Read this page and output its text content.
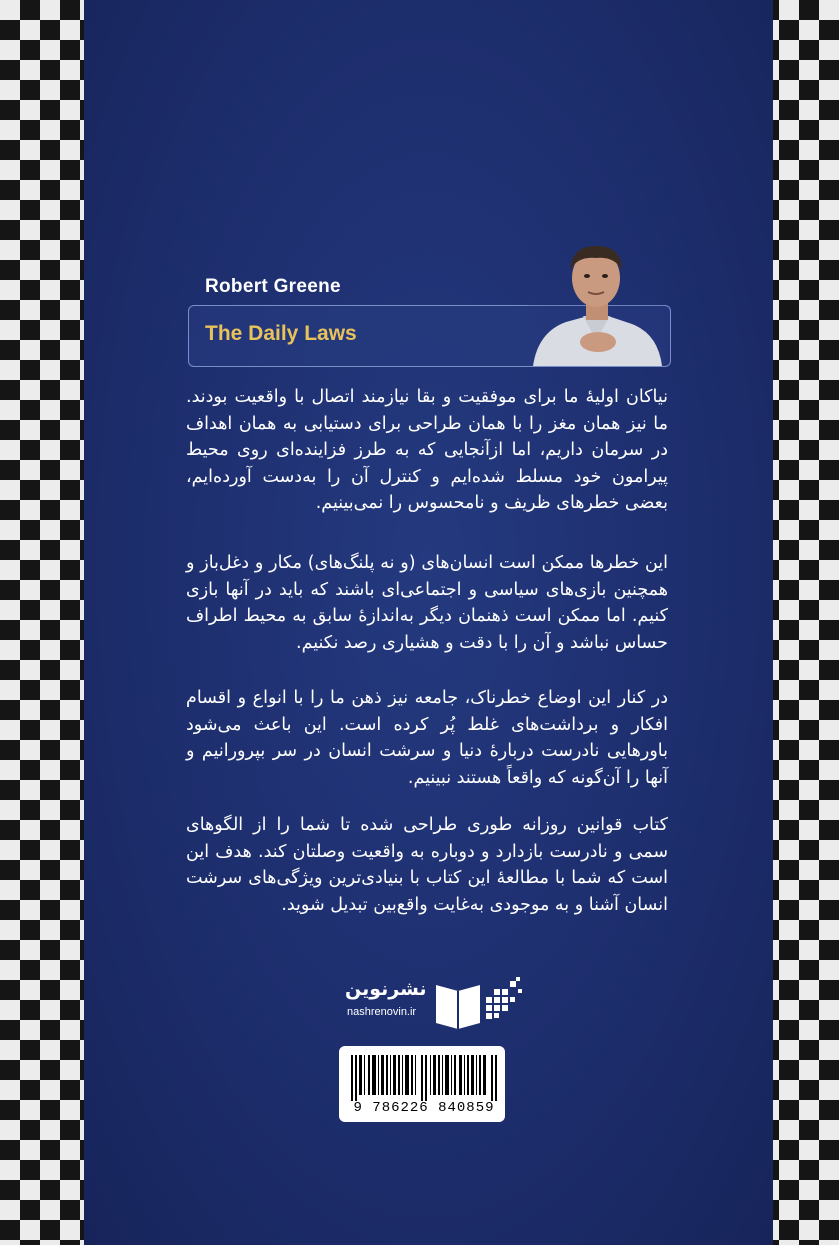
Robert Greene
The Daily Laws

نیاکان اولیهٔ ما برای موفقیت و بقا نیازمند اتصال با واقعیت بودند. ما نیز همان مغز را با همان طراحی برای دستیابی به همان اهداف در سرمان داریم، اما ازآنجایی که به طرز فزاینده‌ای روی محیط پیرامون خود مسلط شده‌ایم و کنترل آن را به‌دست آورده‌ایم، بعضی خطرهای ظریف و نامحسوس را نمی‌بینیم.

این خطرها ممکن است انسان‌های (و نه پلنگ‌های) مکار و دغل‌باز و همچنین بازی‌های سیاسی و اجتماعی‌ای باشند که باید در آنها بازی کنیم. اما ممکن است ذهنمان دیگر به‌اندازهٔ سابق به محیط اطراف حساس نباشد و آن را با دقت و هشیاری رصد نکنیم.

در کنار این اوضاع خطرناک، جامعه نیز ذهن ما را با انواع و اقسام افکار و برداشت‌های غلط پُر کرده است. این باعث می‌شود باورهایی نادرست دربارهٔ دنیا و سرشت انسان در سر بپرورانیم و آنها را آن‌گونه که واقعاً هستند نبینیم.

کتاب قوانین روزانه طوری طراحی شده تا شما را از الگوهای سمی و نادرست بازدارد و دوباره به واقعیت وصلتان کند. هدف این است که شما با مطالعهٔ این کتاب با بنیادی‌ترین ویژگی‌های سرشت انسان آشنا و به موجودی به‌غایت واقع‌بین تبدیل شوید.

نشرنوین
nashrenovin.ir
9 786226 840859
